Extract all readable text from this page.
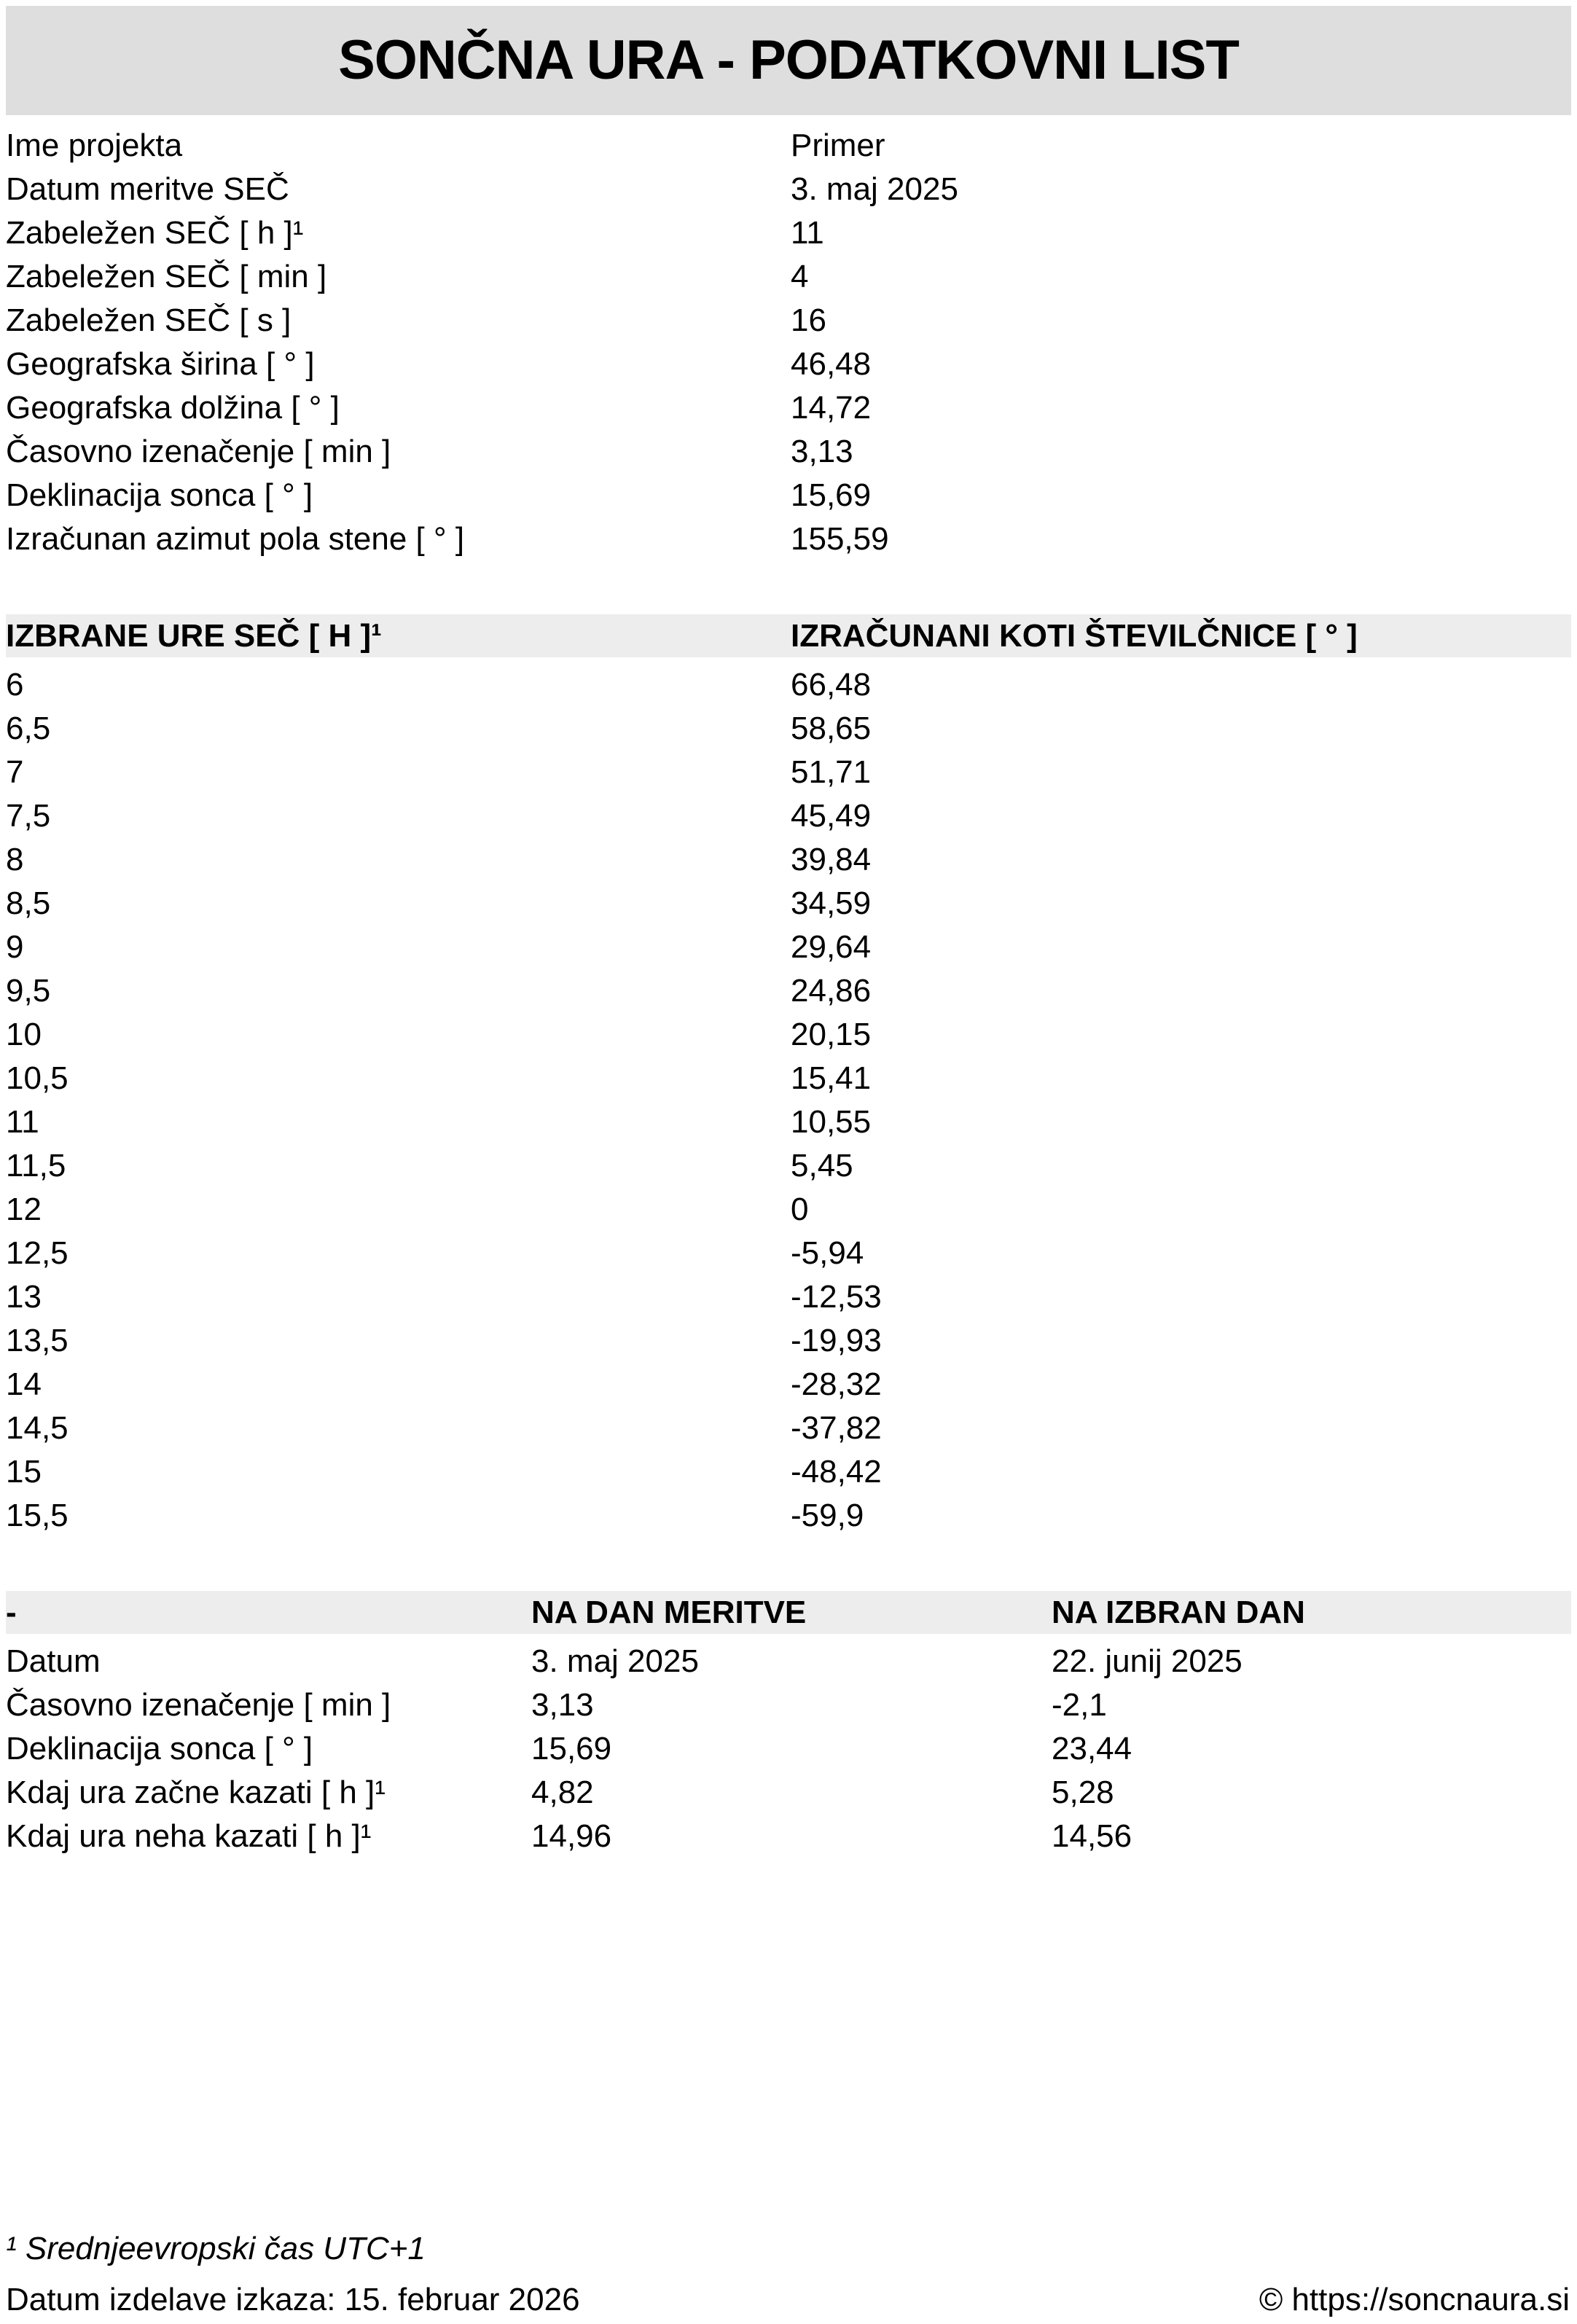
SONČNA URA - PODATKOVNI LIST
Ime projekta	Primer
Datum meritve SEČ	3. maj 2025
Zabeležen SEČ [ h ]¹	11
Zabeležen SEČ [ min ]	4
Zabeležen SEČ [ s ]	16
Geografska širina [ ° ]	46,48
Geografska dolžina [ ° ]	14,72
Časovno izenačenje [ min ]	3,13
Deklinacija sonca [ ° ]	15,69
Izračunan azimut pola stene [ ° ]	155,59
IZBRANE URE SEČ [ H ]¹	IZRAČUNANI KOTI ŠTEVILČNICE [ ° ]
6	66,48
6,5	58,65
7	51,71
7,5	45,49
8	39,84
8,5	34,59
9	29,64
9,5	24,86
10	20,15
10,5	15,41
11	10,55
11,5	5,45
12	0
12,5	-5,94
13	-12,53
13,5	-19,93
14	-28,32
14,5	-37,82
15	-48,42
15,5	-59,9
-	NA DAN MERITVE	NA IZBRAN DAN
Datum	3. maj 2025	22. junij 2025
Časovno izenačenje [ min ]	3,13	-2,1
Deklinacija sonca [ ° ]	15,69	23,44
Kdaj ura začne kazati [ h ]¹	4,82	5,28
Kdaj ura neha kazati [ h ]¹	14,96	14,56
¹ Srednjeevropski čas UTC+1
Datum izdelave izkaza: 15. februar 2026	© https://soncnaura.si
